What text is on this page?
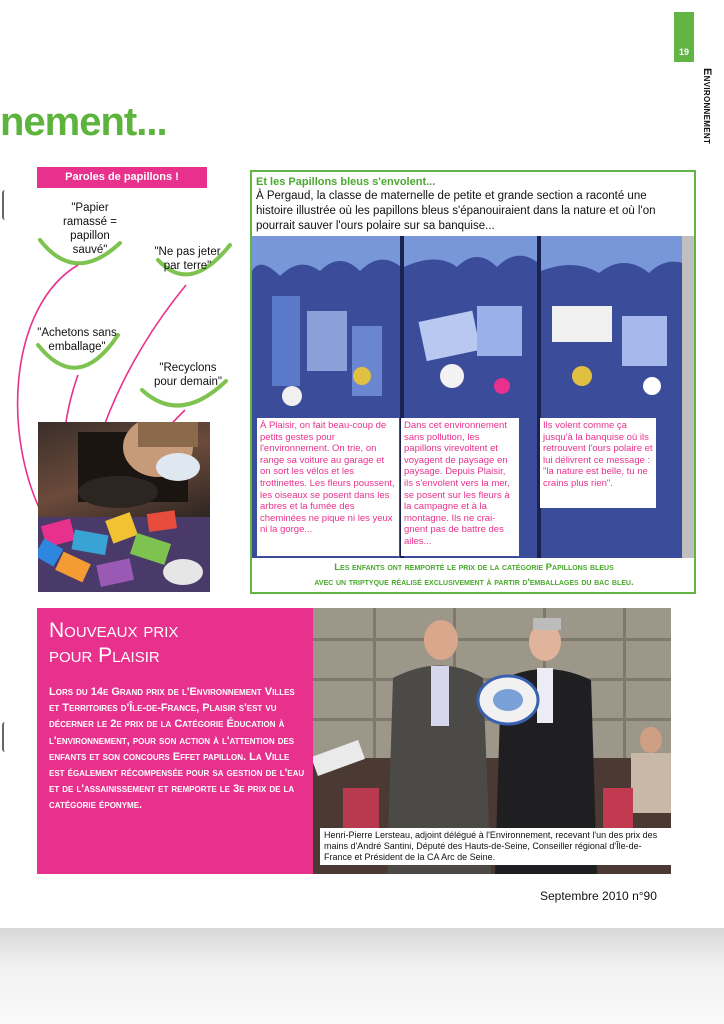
19
Environnement
nement...
Paroles de papillons !
"Papier ramassé = papillon sauvé"	"Ne pas jeter par terre"
"Achetons sans emballage"
"Recyclons pour demain"
Et les Papillons bleus s'envolent...
À Pergaud, la classe de maternelle de petite et grande section a raconté une histoire illustrée où les papillons bleus s'épanouiraient dans la nature et où l'on pourrait sauver l'ours polaire sur sa banquise...
À Plaisir, on fait beau-coup de petits gestes pour l'environnement. On trie, on range sa voiture au garage et on sort les vélos et les trottinettes. Les fleurs poussent, les oiseaux se posent dans les arbres et la fumée des cheminées ne pique ni les yeux ni la gorge...
Dans cet environnement sans pollution, les papillons virevoltent et voyagent de paysage en paysage. Depuis Plaisir, ils s'envolent vers la mer, se posent sur les fleurs à la campagne et à la montagne. Ils ne crai-gnent pas de battre des ailes...
Ils volent comme ça jusqu'à la banquise où ils retrouvent l'ours polaire et lui délivrent ce message : "la nature est belle, tu ne crains plus rien".
Les enfants ont remporté le prix de la catégorie Papillons bleus
avec un triptyque réalisé exclusivement à partir d'emballages du bac bleu.
Nouveaux prix
pour Plaisir
Lors du 14e Grand prix de l'Environnement Villes et Territoires d'Île-de-France, Plaisir s'est vu décerner le 2e prix de la Catégorie Éducation à l'environnement, pour son action à l'attention des enfants et son concours Effet papillon. La Ville est également récompensée pour sa gestion de l'eau et de l'assainissement et remporte le 3e prix de la catégorie éponyme.
Henri-Pierre Lersteau, adjoint délégué à l'Environnement, recevant l'un des prix des mains d'André Santini, Député des Hauts-de-Seine, Conseiller régional d'Île-de-France et Président de la CA Arc de Seine.
Septembre 2010 n°90
